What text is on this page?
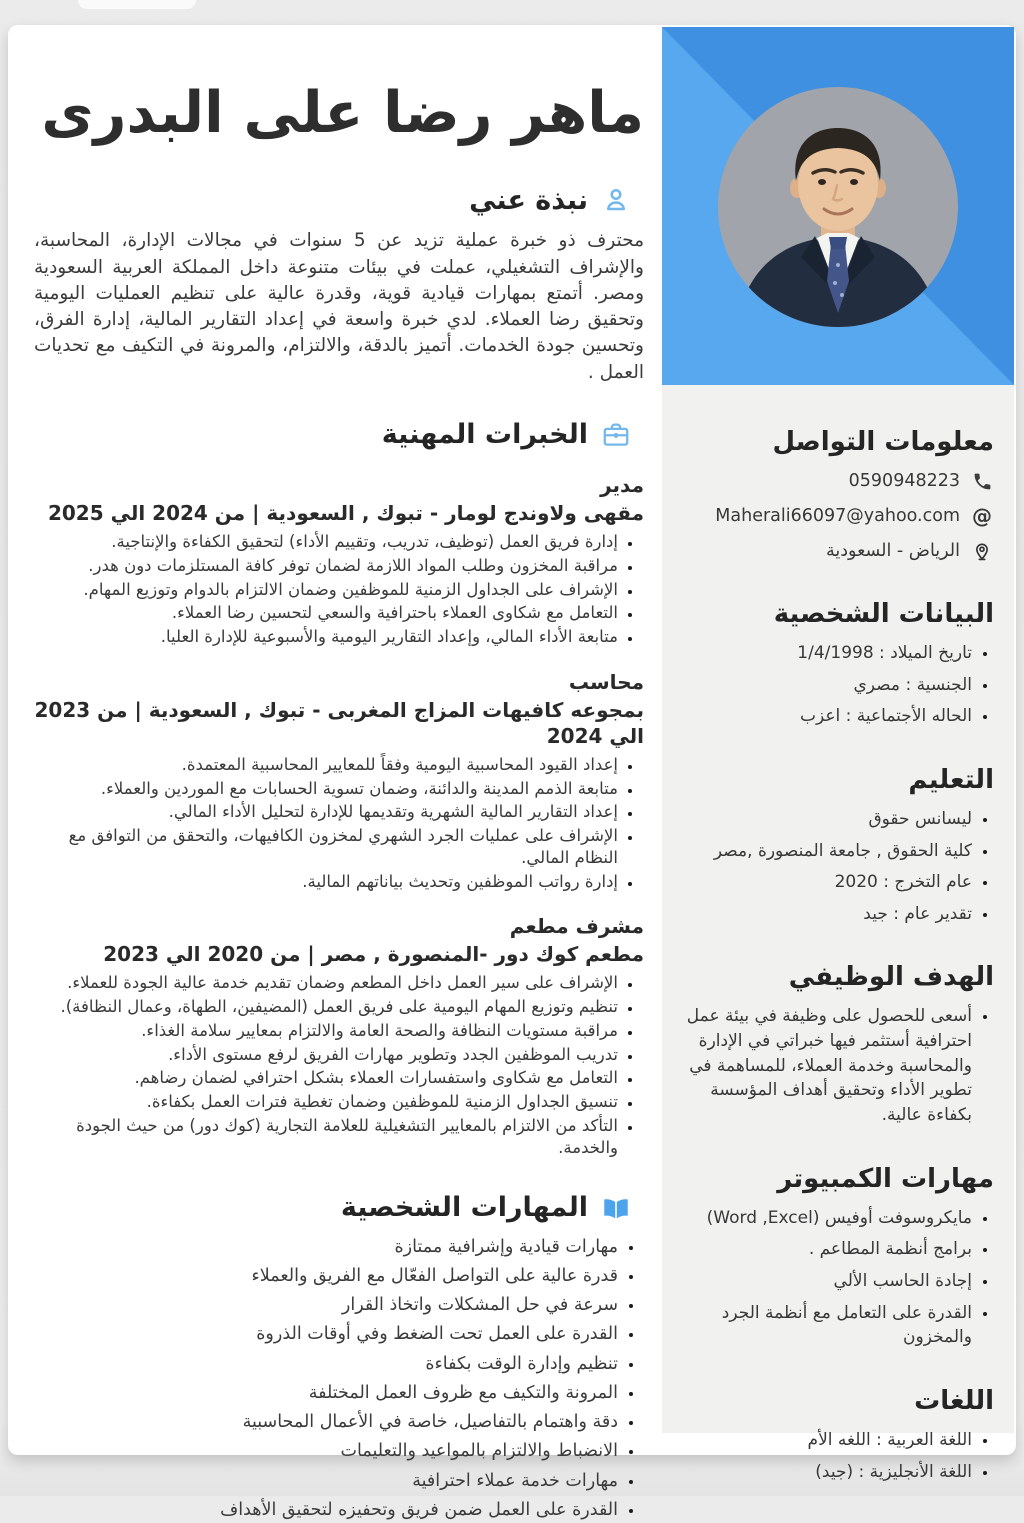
ماهر رضا على البدرى
نبذة عني

محترف ذو خبرة عملية تزيد عن 5 سنوات في مجالات الإدارة، المحاسبة، والإشراف التشغيلي، عملت في بيئات متنوعة داخل المملكة العربية السعودية ومصر. أتمتع بمهارات قيادية قوية، وقدرة عالية على تنظيم العمليات اليومية وتحقيق رضا العملاء. لدي خبرة واسعة في إعداد التقارير المالية، إدارة الفرق، وتحسين جودة الخدمات. أتميز بالدقة، والالتزام، والمرونة في التكيف مع تحديات العمل .

الخبرات المهنية
مدير
مقهى ولاوندج لومار - تبوك , السعودية | من 2024 الي 2025
• إدارة فريق العمل (توظيف، تدريب، وتقييم الأداء) لتحقيق الكفاءة والإنتاجية.
• مراقبة المخزون وطلب المواد اللازمة لضمان توفر كافة المستلزمات دون هدر.
• الإشراف على الجداول الزمنية للموظفين وضمان الالتزام بالدوام وتوزيع المهام.
• التعامل مع شكاوى العملاء باحترافية والسعي لتحسين رضا العملاء.
• متابعة الأداء المالي، وإعداد التقارير اليومية والأسبوعية للإدارة العليا.
محاسب
بمجوعه كافيهات المزاج المغربى - تبوك , السعودية | من 2023 الي 2024
• إعداد القيود المحاسبية اليومية وفقاً للمعايير المحاسبية المعتمدة.
• متابعة الذمم المدينة والدائنة، وضمان تسوية الحسابات مع الموردين والعملاء.
• إعداد التقارير المالية الشهرية وتقديمها للإدارة لتحليل الأداء المالي.
• الإشراف على عمليات الجرد الشهري لمخزون الكافيهات، والتحقق من التوافق مع النظام المالي.
• إدارة رواتب الموظفين وتحديث بياناتهم المالية.
مشرف مطعم
مطعم كوك دور -المنصورة , مصر | من 2020 الي 2023
• الإشراف على سير العمل داخل المطعم وضمان تقديم خدمة عالية الجودة للعملاء.
• تنظيم وتوزيع المهام اليومية على فريق العمل (المضيفين، الطهاة، وعمال النظافة).
• مراقبة مستويات النظافة والصحة العامة والالتزام بمعايير سلامة الغذاء.
• تدريب الموظفين الجدد وتطوير مهارات الفريق لرفع مستوى الأداء.
• التعامل مع شكاوى واستفسارات العملاء بشكل احترافي لضمان رضاهم.
• تنسيق الجداول الزمنية للموظفين وضمان تغطية فترات العمل بكفاءة.
• التأكد من الالتزام بالمعايير التشغيلية للعلامة التجارية (كوك دور) من حيث الجودة والخدمة.
المهارات الشخصية
• مهارات قيادية وإشرافية ممتازة
• قدرة عالية على التواصل الفعّال مع الفريق والعملاء
• سرعة في حل المشكلات واتخاذ القرار
• القدرة على العمل تحت الضغط وفي أوقات الذروة
• تنظيم وإدارة الوقت بكفاءة
• المرونة والتكيف مع ظروف العمل المختلفة
• دقة واهتمام بالتفاصيل، خاصة في الأعمال المحاسبية
• الانضباط والالتزام بالمواعيد والتعليمات
• مهارات خدمة عملاء احترافية
• القدرة على العمل ضمن فريق وتحفيزه لتحقيق الأهداف
معلومات التواصل
0590948223
@
Maherali66097@yahoo.com
الرياض - السعودية
البيانات الشخصية
• تاريخ الميلاد : 1/4/1998
• الجنسية : مصري
• الحاله الأجتماعية : اعزب
التعليم
• ليسانس حقوق
• كلية الحقوق , جامعة المنصورة ,مصر
• عام التخرج : 2020
• تقدير عام : جيد
الهدف الوظيفي
• أسعى للحصول على وظيفة في بيئة عمل احترافية أستثمر فيها خبراتي في الإدارة والمحاسبة وخدمة العملاء، للمساهمة في تطوير الأداء وتحقيق أهداف المؤسسة بكفاءة عالية.
مهارات الكمبيوتر
• مايكروسوفت أوفيس (Word ,Excel)
• برامج أنظمة المطاعم .
• إجادة الحاسب الألي
• القدرة على التعامل مع أنظمة الجرد والمخزون
اللغات
• اللغة العربية : اللغه الأم
• اللغة الأنجليزية : (جيد)
